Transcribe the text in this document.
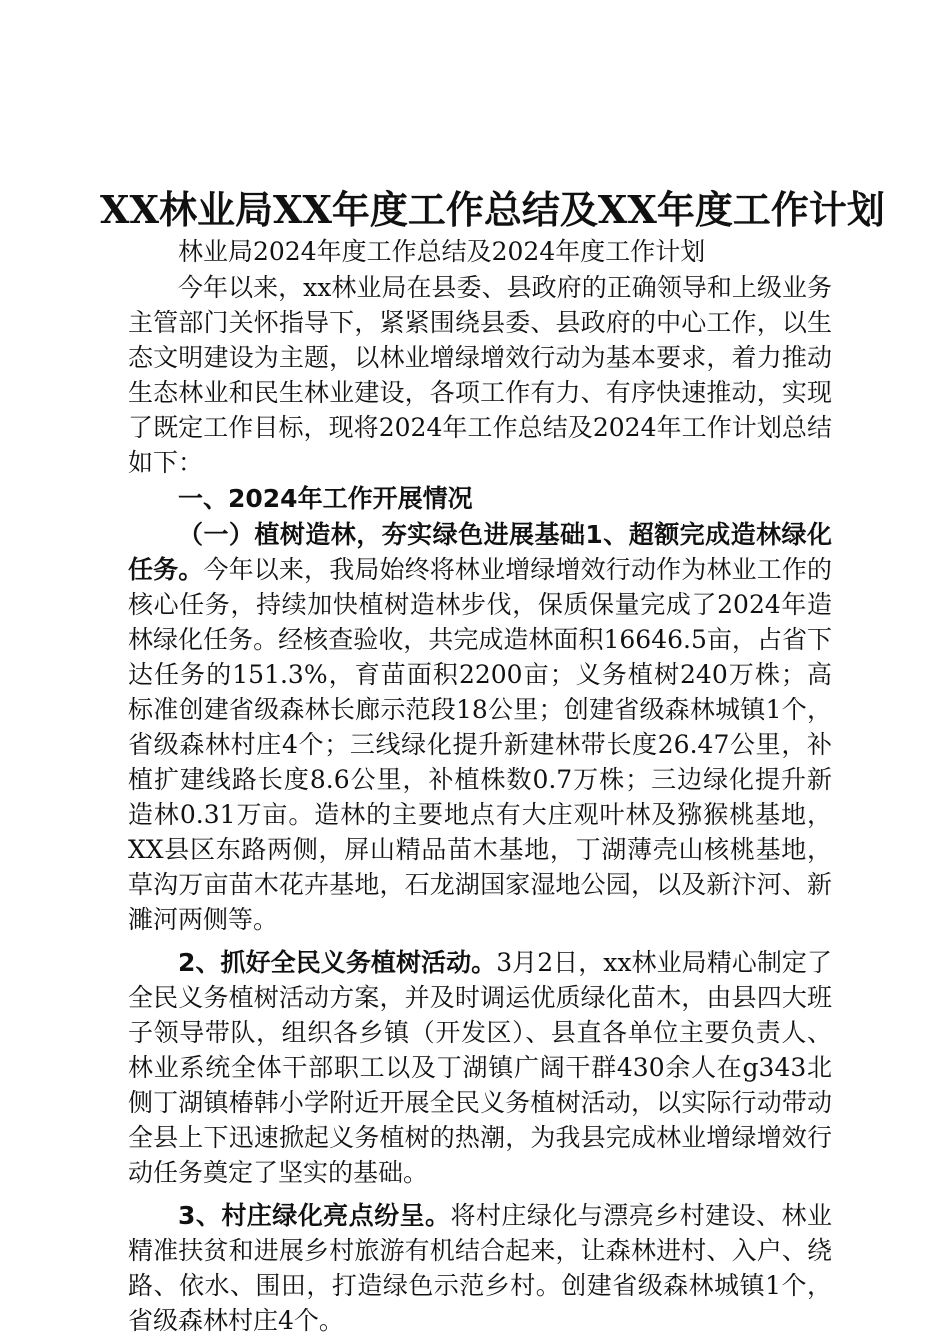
XX林业局XX年度工作总结及XX年度工作计划

林业局2024年度工作总结及2024年度工作计划

今年以来，xx林业局在县委、县政府的正确领导和上级业务主管部门关怀指导下，紧紧围绕县委、县政府的中心工作，以生态文明建设为主题，以林业增绿增效行动为基本要求，着力推动生态林业和民生林业建设，各项工作有力、有序快速推动，实现了既定工作目标，现将2024年工作总结及2024年工作计划总结如下：

一、2024年工作开展情况

（一）植树造林，夯实绿色进展基础1、超额完成造林绿化任务。今年以来，我局始终将林业增绿增效行动作为林业工作的核心任务，持续加快植树造林步伐，保质保量完成了2024年造林绿化任务。经核查验收，共完成造林面积16646.5亩，占省下达任务的151.3%，育苗面积2200亩；义务植树240万株；高标准创建省级森林长廊示范段18公里；创建省级森林城镇1个，省级森林村庄4个；三线绿化提升新建林带长度26.47公里，补植扩建线路长度8.6公里，补植株数0.7万株；三边绿化提升新造林0.31万亩。造林的主要地点有大庄观叶林及猕猴桃基地，XX县区东路两侧，屏山精品苗木基地，丁湖薄壳山核桃基地，草沟万亩苗木花卉基地，石龙湖国家湿地公园，以及新汴河、新濉河两侧等。

2、抓好全民义务植树活动。3月2日，xx林业局精心制定了全民义务植树活动方案，并及时调运优质绿化苗木，由县四大班子领导带队，组织各乡镇（开发区）、县直各单位主要负责人、林业系统全体干部职工以及丁湖镇广阔干群430余人在g343北侧丁湖镇椿韩小学附近开展全民义务植树活动，以实际行动带动全县上下迅速掀起义务植树的热潮，为我县完成林业增绿增效行动任务奠定了坚实的基础。

3、村庄绿化亮点纷呈。将村庄绿化与漂亮乡村建设、林业精准扶贫和进展乡村旅游有机结合起来，让森林进村、入户、绕路、依水、围田，打造绿色示范乡村。创建省级森林城镇1个，省级森林村庄4个。
